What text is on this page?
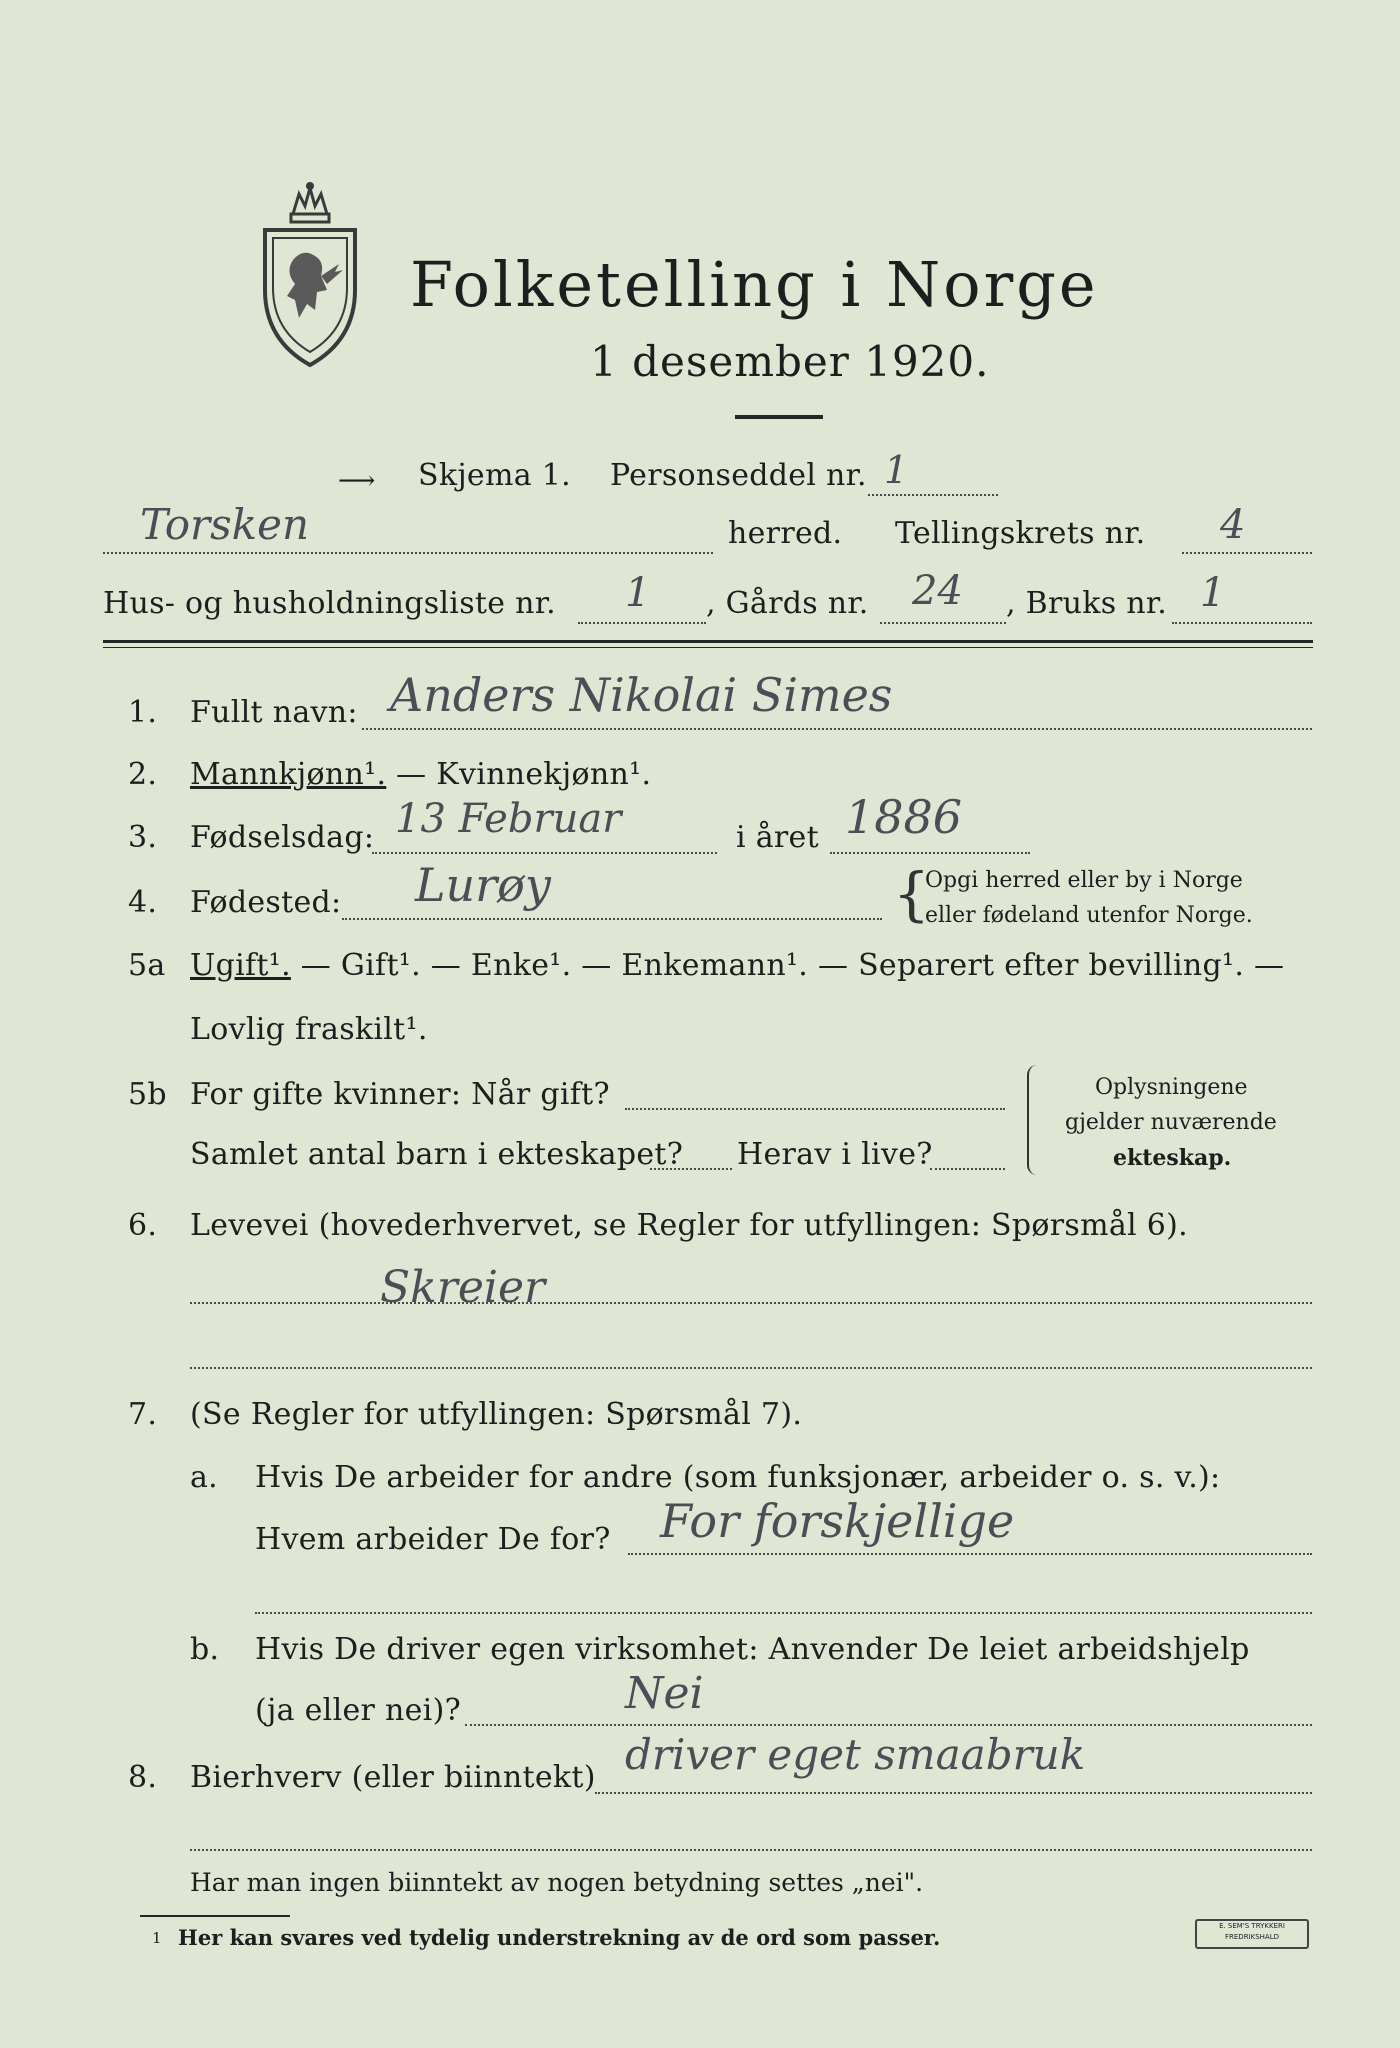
Folketelling i Norge
1 desember 1920.
⟶ Skjema 1. Personseddel nr. 1
Torsken	herred. Tellingskrets nr. 4
Hus- og husholdningsliste nr. 1 , Gårds nr. 24 , Bruks nr. 1
1. Fullt navn: Anders Nikolai Simes
2. Mannkjønn¹. — Kvinnekjønn¹.
3. Fødselsdag: 13 Februar	i året 1886
4. Fødested: Lurøy	{
Opgi herred eller by i Norge
eller fødeland utenfor Norge.
5a Ugift¹. — Gift¹. — Enke¹. — Enkemann¹. — Separert efter bevilling¹. —
Lovlig fraskilt¹.
5b For gifte kvinner: Når gift?
Samlet antal barn i ekteskapet? Herav i live?
Oplysningene
gjelder nuværende
ekteskap.
6. Levevei (hovederhvervet, se Regler for utfyllingen: Spørsmål 6).
Skreier
7. (Se Regler for utfyllingen: Spørsmål 7).
a. Hvis De arbeider for andre (som funksjonær, arbeider o. s. v.):
Hvem arbeider De for? For forskjellige
b. Hvis De driver egen virksomhet: Anvender De leiet arbeidshjelp
(ja eller nei)?	Nei
8. Bierhverv (eller biinntekt) driver eget smaabruk
Har man ingen biinntekt av nogen betydning settes „nei".
1 Her kan svares ved tydelig understrekning av de ord som passer.	E. SEM'S TRYKKERI
FREDRIKSHALD
